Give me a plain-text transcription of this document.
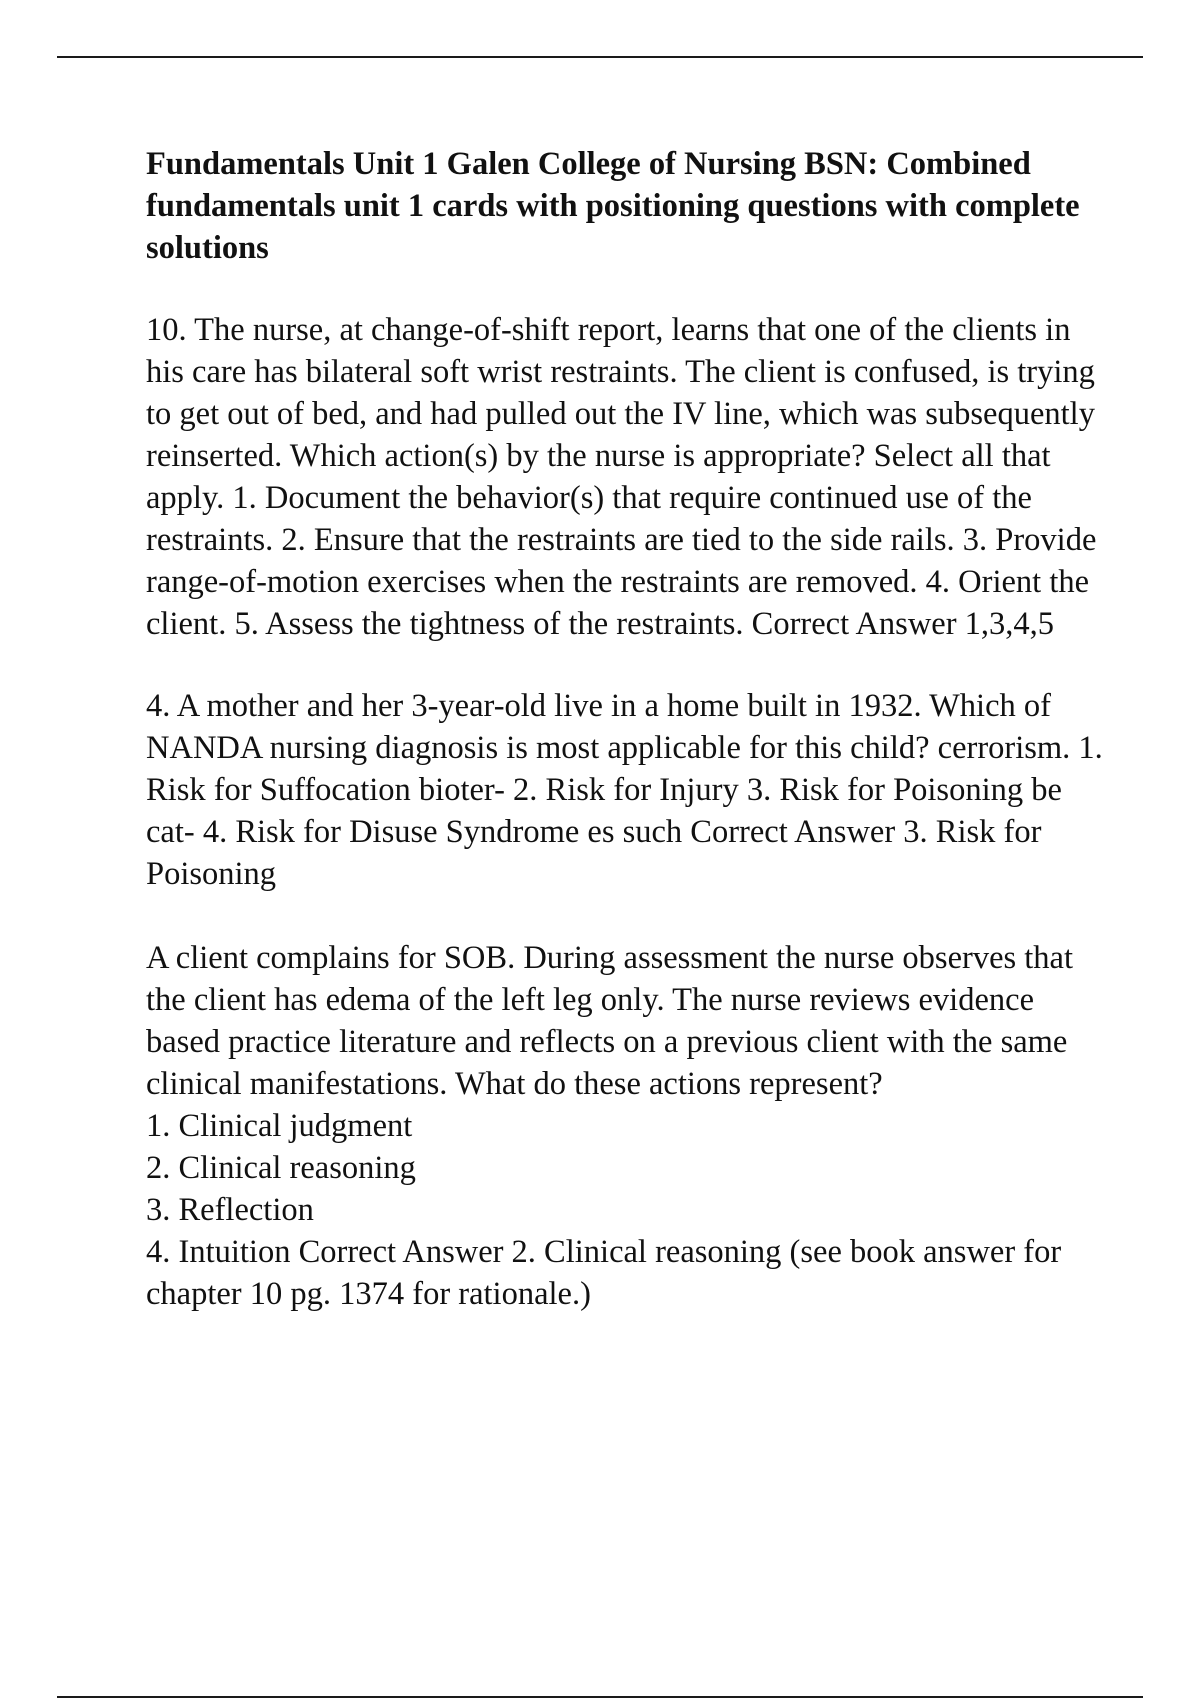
Fundamentals Unit 1 Galen College of Nursing BSN: Combined fundamentals unit 1 cards with positioning questions with complete solutions

10. The nurse, at change-of-shift report, learns that one of the clients in his care has bilateral soft wrist restraints. The client is confused, is trying to get out of bed, and had pulled out the IV line, which was subsequently reinserted. Which action(s) by the nurse is appropriate? Select all that apply. 1. Document the behavior(s) that require continued use of the restraints. 2. Ensure that the restraints are tied to the side rails. 3. Provide range-of-motion exercises when the restraints are removed. 4. Orient the client. 5. Assess the tightness of the restraints. Correct Answer 1,3,4,5

4. A mother and her 3-year-old live in a home built in 1932. Which of NANDA nursing diagnosis is most applicable for this child? cerrorism. 1. Risk for Suffocation bioter- 2. Risk for Injury 3. Risk for Poisoning be cat- 4. Risk for Disuse Syndrome es such Correct Answer 3. Risk for Poisoning

A client complains for SOB. During assessment the nurse observes that the client has edema of the left leg only. The nurse reviews evidence based practice literature and reflects on a previous client with the same clinical manifestations. What do these actions represent?
1. Clinical judgment
2. Clinical reasoning
3. Reflection
4. Intuition Correct Answer 2. Clinical reasoning (see book answer for chapter 10 pg. 1374 for rationale.)
